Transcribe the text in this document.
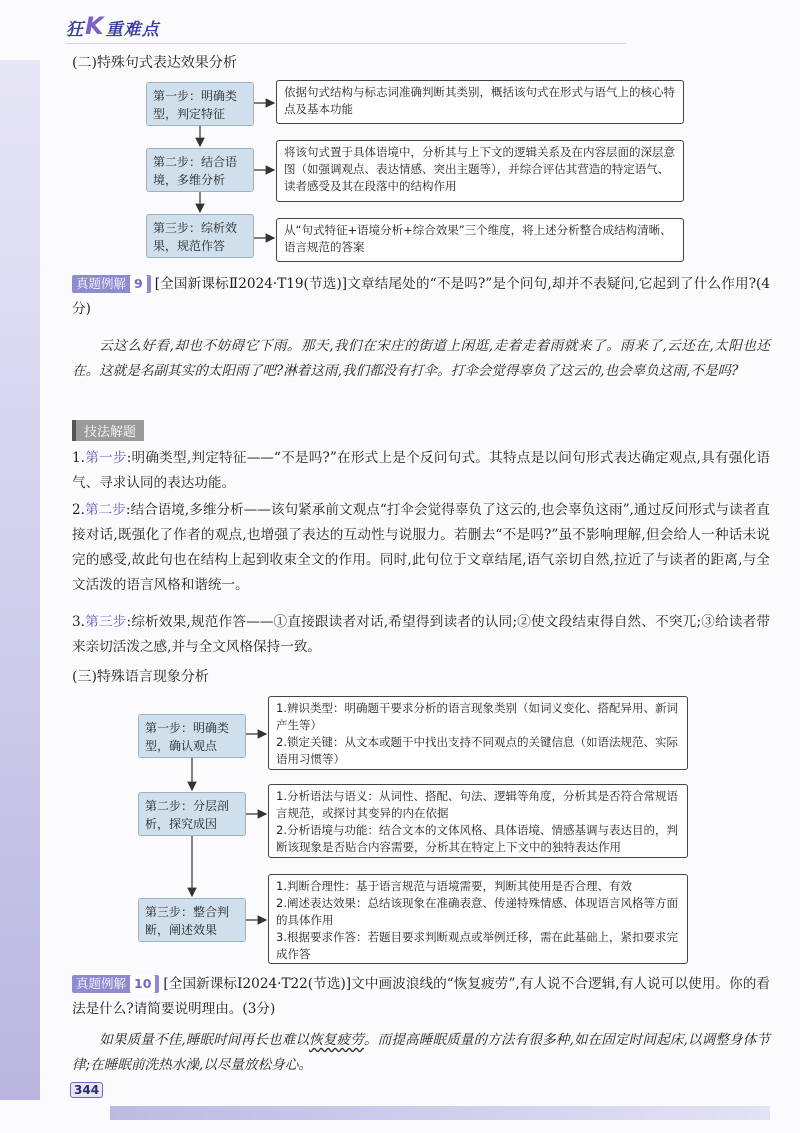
狂 K 重难点
(二)特殊句式表达效果分析
第一步：明确类型，判定特征
依据句式结构与标志词准确判断其类别，概括该句式在形式与语气上的核心特点及基本功能
第二步：结合语境，多维分析
将该句式置于具体语境中，分析其与上下文的逻辑关系及在内容层面的深层意图（如强调观点、表达情感、突出主题等），并综合评估其营造的特定语气、读者感受及其在段落中的结构作用
第三步：综析效果，规范作答
从“句式特征+语境分析+综合效果”三个维度，将上述分析整合成结构清晰、语言规范的答案
真题例解 9 [全国新课标Ⅱ2024·T19(节选)]文章结尾处的“不是吗?”是个问句,却并不表疑问,它起到了什么作用?(4分)
云这么好看,却也不妨碍它下雨。那天,我们在宋庄的街道上闲逛,走着走着雨就来了。雨来了,云还在,太阳也还在。这就是名副其实的太阳雨了吧?淋着这雨,我们都没有打伞。打伞会觉得辜负了这云的,也会辜负这雨,不是吗?
技法解题
1.第一步:明确类型,判定特征——“不是吗?”在形式上是个反问句式。其特点是以问句形式表达确定观点,具有强化语气、寻求认同的表达功能。
2.第二步:结合语境,多维分析——该句紧承前文观点“打伞会觉得辜负了这云的,也会辜负这雨”,通过反问形式与读者直接对话,既强化了作者的观点,也增强了表达的互动性与说服力。若删去“不是吗?”虽不影响理解,但会给人一种话未说完的感受,故此句也在结构上起到收束全文的作用。同时,此句位于文章结尾,语气亲切自然,拉近了与读者的距离,与全文活泼的语言风格和谐统一。
3.第三步:综析效果,规范作答——①直接跟读者对话,希望得到读者的认同;②使文段结束得自然、不突兀;③给读者带来亲切活泼之感,并与全文风格保持一致。
(三)特殊语言现象分析
第一步：明确类型，确认观点
1.辨识类型：明确题干要求分析的语言现象类别（如词义变化、搭配异用、新词产生等）
2.锁定关键：从文本或题干中找出支持不同观点的关键信息（如语法规范、实际语用习惯等）
第二步：分层剖析，探究成因
1.分析语法与语义：从词性、搭配、句法、逻辑等角度，分析其是否符合常规语言规范，或探讨其变异的内在依据
2.分析语境与功能：结合文本的文体风格、具体语境、情感基调与表达目的，判断该现象是否贴合内容需要，分析其在特定上下文中的独特表达作用
第三步：整合判断，阐述效果
1.判断合理性：基于语言规范与语境需要，判断其使用是否合理、有效
2.阐述表达效果：总结该现象在准确表意、传递特殊情感、体现语言风格等方面的具体作用
3.根据要求作答：若题目要求判断观点或举例迁移，需在此基础上，紧扣要求完成作答
真题例解 10 [全国新课标Ⅰ2024·T22(节选)]文中画波浪线的“恢复疲劳”,有人说不合逻辑,有人说可以使用。你的看法是什么?请简要说明理由。(3分)
如果质量不佳,睡眠时间再长也难以恢复疲劳。而提高睡眠质量的方法有很多种,如在固定时间起床,以调整身体节律;在睡眠前洗热水澡,以尽量放松身心。
344
